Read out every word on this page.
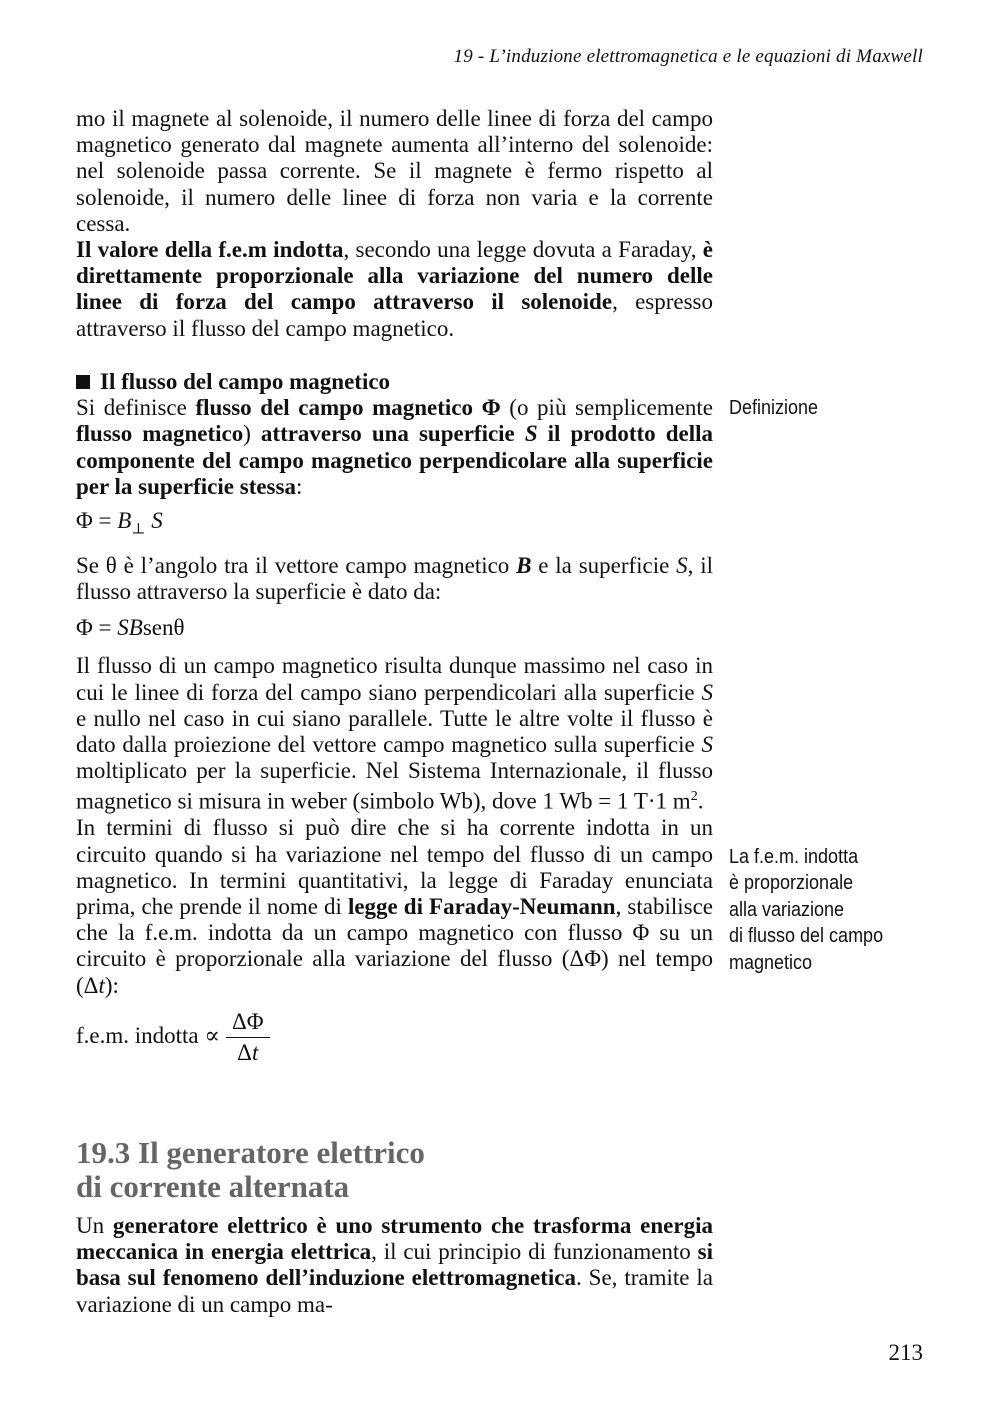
19 - L’induzione elettromagnetica e le equazioni di Maxwell

mo il magnete al solenoide, il numero delle linee di forza del campo magnetico generato dal magnete aumenta all’interno del solenoide: nel solenoide passa corrente. Se il magnete è fermo rispetto al solenoide, il numero delle linee di forza non varia e la corrente cessa.

Il valore della f.e.m indotta, secondo una legge dovuta a Faraday, è direttamente proporzionale alla variazione del numero delle linee di forza del campo attraverso il solenoide, espresso attraverso il flusso del campo magnetico.

Il flusso del campo magnetico

Si definisce flusso del campo magnetico Φ (o più semplicemente flusso magnetico) attraverso una superficie S il prodotto della componente del campo magnetico perpendicolare alla superficie per la superficie stessa:

$\Phi = B_\perp$ S

Se θ è l’angolo tra il vettore campo magnetico B e la superficie S, il flusso attraverso la superficie è dato da:

Φ = SBsenθ

Il flusso di un campo magnetico risulta dunque massimo nel caso in cui le linee di forza del campo siano perpendicolari alla superficie S e nullo nel caso in cui siano parallele. Tutte le altre volte il flusso è dato dalla proiezione del vettore campo magnetico sulla superficie S moltiplicato per la superficie. Nel Sistema Internazionale, il flusso magnetico si misura in weber (simbolo Wb), dove 1 Wb = 1 T·1 $m^2$.

In termini di flusso si può dire che si ha corrente indotta in un circuito quando si ha variazione nel tempo del flusso di un campo magnetico. In termini quantitativi, la legge di Faraday enunciata prima, che prende il nome di legge di Faraday-Neumann, stabilisce che la f.e.m. indotta da un campo magnetico con flusso Φ su un circuito è proporzionale alla variazione del flusso (ΔΦ) nel tempo (Δt):

f.e.m. indotta ∝ $\frac{\Delta\Phi}{\Delta t}$

Definizione
La f.e.m. indotta
è proporzionale
alla variazione
di flusso del campo
magnetico
19.3 Il generatore elettrico
di corrente alternata

Un generatore elettrico è uno strumento che trasforma energia meccanica in energia elettrica, il cui principio di funzionamento si basa sul fenomeno dell’induzione elettromagnetica. Se, tramite la variazione di un campo ma-

213
